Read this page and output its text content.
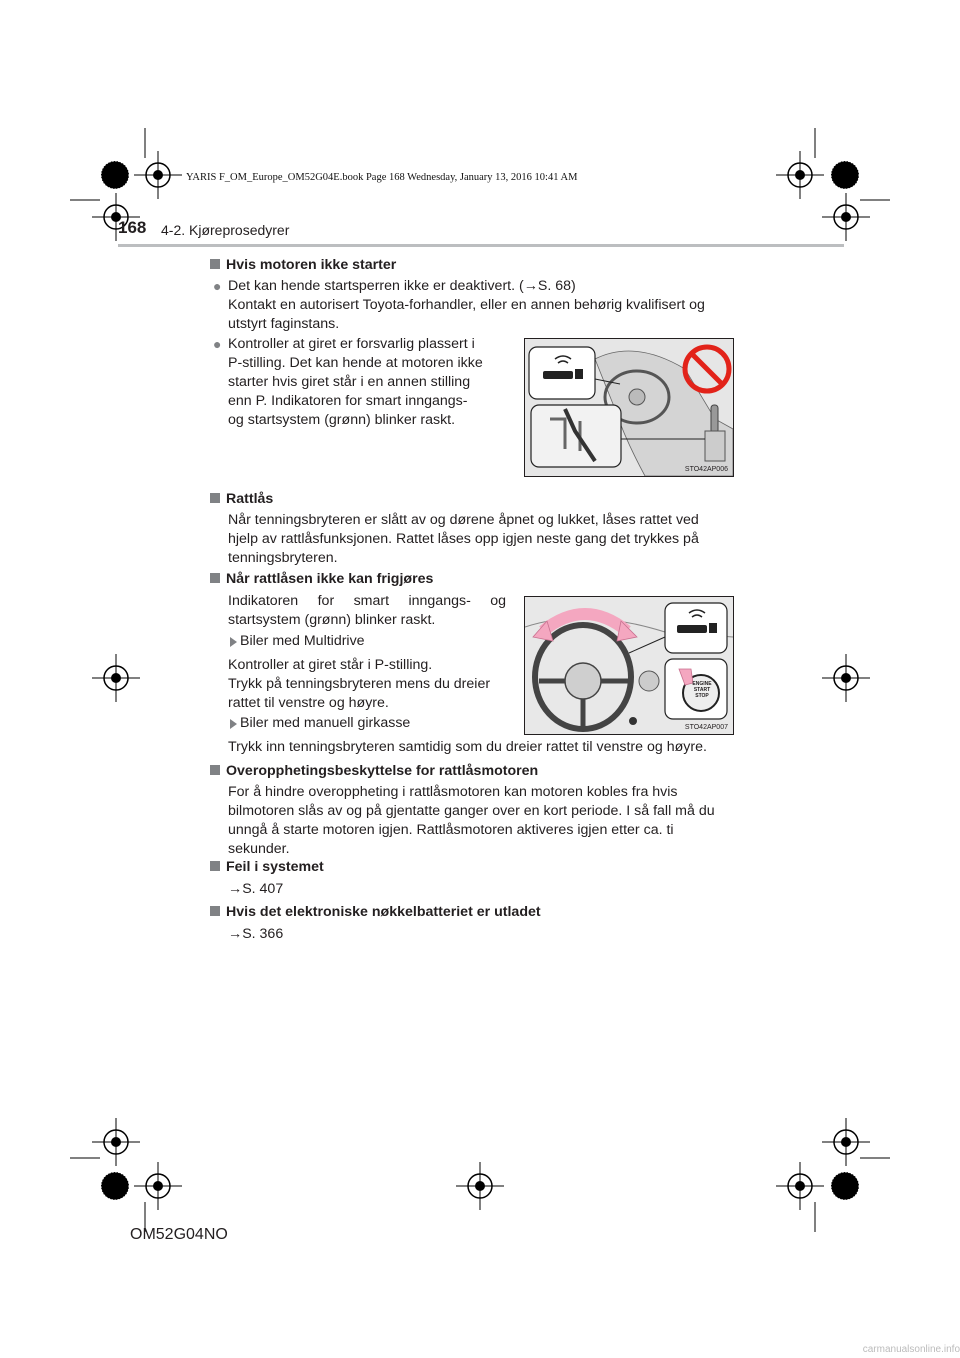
YARIS F_OM_Europe_OM52G04E.book Page 168 Wednesday, January 13, 2016 10:41 AM
168 4-2. Kjøreprosedyrer
Hvis motoren ikke starter
● Det kan hende startsperren ikke er deaktivert. (→S. 68)
Kontakt en autorisert Toyota-forhandler, eller en annen behørig kvalifisert og
utstyrt faginstans.
● Kontroller at giret er forsvarlig plassert i
P-stilling. Det kan hende at motoren ikke
starter hvis giret står i en annen stilling
enn P. Indikatoren for smart inngangs-
og startsystem (grønn) blinker raskt.
STO42AP006
Rattlås
Når tenningsbryteren er slått av og dørene åpnet og lukket, låses rattet ved
hjelp av rattlåsfunksjonen. Rattet låses opp igjen neste gang det trykkes på
tenningsbryteren.
Når rattlåsen ikke kan frigjøres
Indikatoren for smart inngangs- og
startsystem (grønn) blinker raskt.
Biler med Multidrive
Kontroller at giret står i P-stilling.
Trykk på tenningsbryteren mens du dreier
rattet til venstre og høyre.
Biler med manuell girkasse
Trykk inn tenningsbryteren samtidig som du dreier rattet til venstre og høyre.
ENGINE
START
STOP
STO42AP007
Overopphetingsbeskyttelse for rattlåsmotoren
For å hindre overoppheting i rattlåsmotoren kan motoren kobles fra hvis
bilmotoren slås av og på gjentatte ganger over en kort periode. I så fall må du
unngå å starte motoren igjen. Rattlåsmotoren aktiveres igjen etter ca. ti
sekunder.
Feil i systemet
→S. 407
Hvis det elektroniske nøkkelbatteriet er utladet
→S. 366
OM52G04NO
carmanualsonline.info
